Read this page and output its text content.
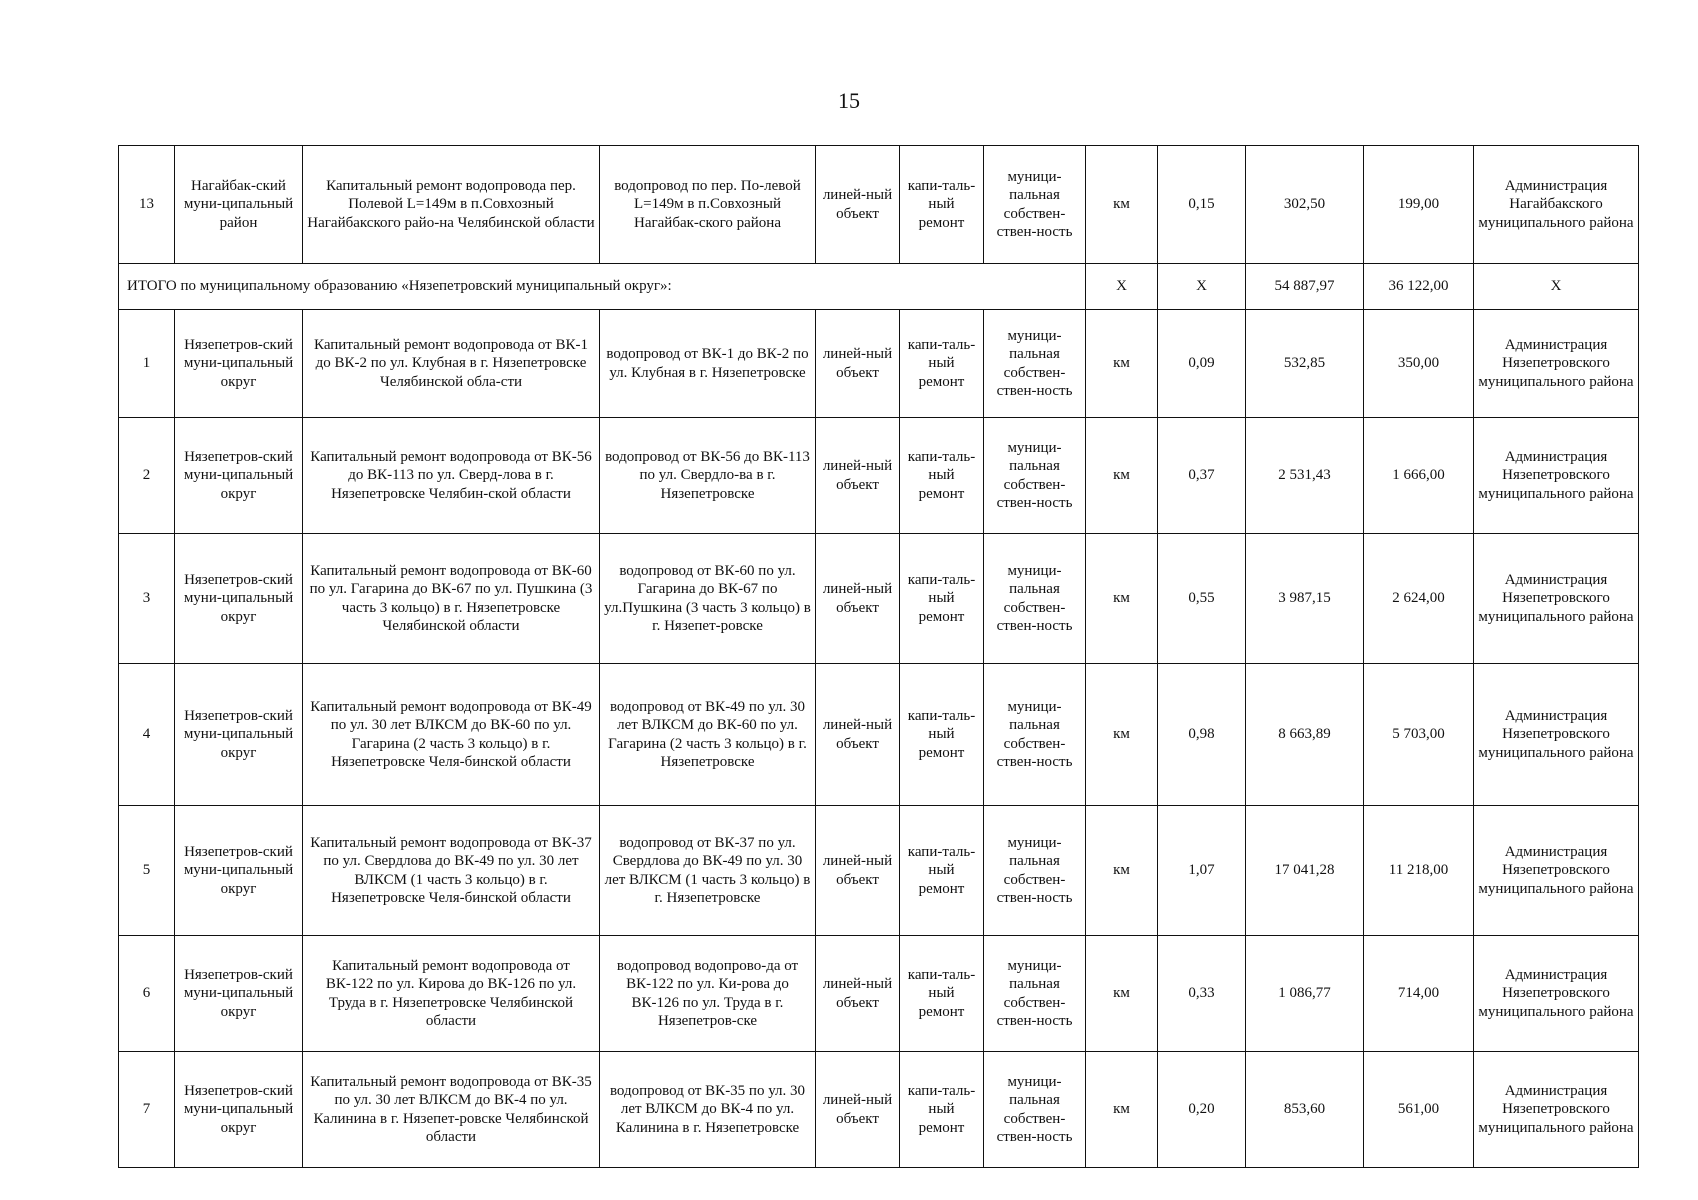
15
13	Нагайбак-ский муни-ципальный район	Капитальный ремонт водопровода пер. Полевой L=149м в п.Совхозный Нагайбакского райо-на Челябинской области	водопровод по пер. По-левой L=149м в п.Совхозный Нагайбак-ского района	линей-ный объект	капи-таль-ный ремонт	муници-пальная собствен-ствен-ность	км	0,15	302,50	199,00	Администрация Нагайбакского муниципального района
ИТОГО по муниципальному образованию «Нязепетровский муниципальный округ»:							Х	Х	54 887,97	36 122,00	Х
1	Нязепетров-ский муни-ципальный округ	Капитальный ремонт водопровода от ВК-1 до ВК-2 по ул. Клубная в г. Нязепетровске Челябинской обла-сти	водопровод от ВК-1 до ВК-2 по ул. Клубная в г. Нязепетровске	линей-ный объект	капи-таль-ный ремонт	муници-пальная собствен-ствен-ность	км	0,09	532,85	350,00	Администрация Нязепетровского муниципального района
2	Нязепетров-ский муни-ципальный округ	Капитальный ремонт водопровода от ВК-56 до ВК-113 по ул. Сверд-лова в г. Нязепетровске Челябин-ской области	водопровод от ВК-56 до ВК-113 по ул. Свердло-ва в г. Нязепетровске	линей-ный объект	капи-таль-ный ремонт	муници-пальная собствен-ствен-ность	км	0,37	2 531,43	1 666,00	Администрация Нязепетровского муниципального района
3	Нязепетров-ский муни-ципальный округ	Капитальный ремонт водопровода от ВК-60 по ул. Гагарина до ВК-67 по ул. Пушкина (3 часть 3 кольцо) в г. Нязепетровске Челябинской области	водопровод от ВК-60 по ул. Гагарина до ВК-67 по ул.Пушкина (3 часть 3 кольцо) в г. Нязепет-ровске	линей-ный объект	капи-таль-ный ремонт	муници-пальная собствен-ствен-ность	км	0,55	3 987,15	2 624,00	Администрация Нязепетровского муниципального района
4	Нязепетров-ский муни-ципальный округ	Капитальный ремонт водопровода от ВК-49 по ул. 30 лет ВЛКСМ до ВК-60 по ул. Гагарина (2 часть 3 кольцо) в г. Нязепетровске Челя-бинской области	водопровод от ВК-49 по ул. 30 лет ВЛКСМ до ВК-60 по ул. Гагарина (2 часть 3 кольцо) в г. Нязепетровске	линей-ный объект	капи-таль-ный ремонт	муници-пальная собствен-ствен-ность	км	0,98	8 663,89	5 703,00	Администрация Нязепетровского муниципального района
5	Нязепетров-ский муни-ципальный округ	Капитальный ремонт водопровода от ВК-37 по ул. Свердлова до ВК-49 по ул. 30 лет ВЛКСМ (1 часть 3 кольцо) в г. Нязепетровске Челя-бинской области	водопровод от ВК-37 по ул. Свердлова до ВК-49 по ул. 30 лет ВЛКСМ (1 часть 3 кольцо) в г. Нязепетровске	линей-ный объект	капи-таль-ный ремонт	муници-пальная собствен-ствен-ность	км	1,07	17 041,28	11 218,00	Администрация Нязепетровского муниципального района
6	Нязепетров-ский муни-ципальный округ	Капитальный ремонт водопровода от ВК-122 по ул. Кирова до ВК-126 по ул. Труда в г. Нязепетровске Челябинской области	водопровод водопрово-да от ВК-122 по ул. Ки-рова до ВК-126 по ул. Труда в г. Нязепетров-ске	линей-ный объект	капи-таль-ный ремонт	муници-пальная собствен-ствен-ность	км	0,33	1 086,77	714,00	Администрация Нязепетровского муниципального района
7	Нязепетров-ский муни-ципальный округ	Капитальный ремонт водопровода от ВК-35 по ул. 30 лет ВЛКСМ до ВК-4 по ул. Калинина в г. Нязепет-ровске Челябинской области	водопровод от ВК-35 по ул. 30 лет ВЛКСМ до ВК-4 по ул. Калинина в г. Нязепетровске	линей-ный объект	капи-таль-ный ремонт	муници-пальная собствен-ствен-ность	км	0,20	853,60	561,00	Администрация Нязепетровского муниципального района
